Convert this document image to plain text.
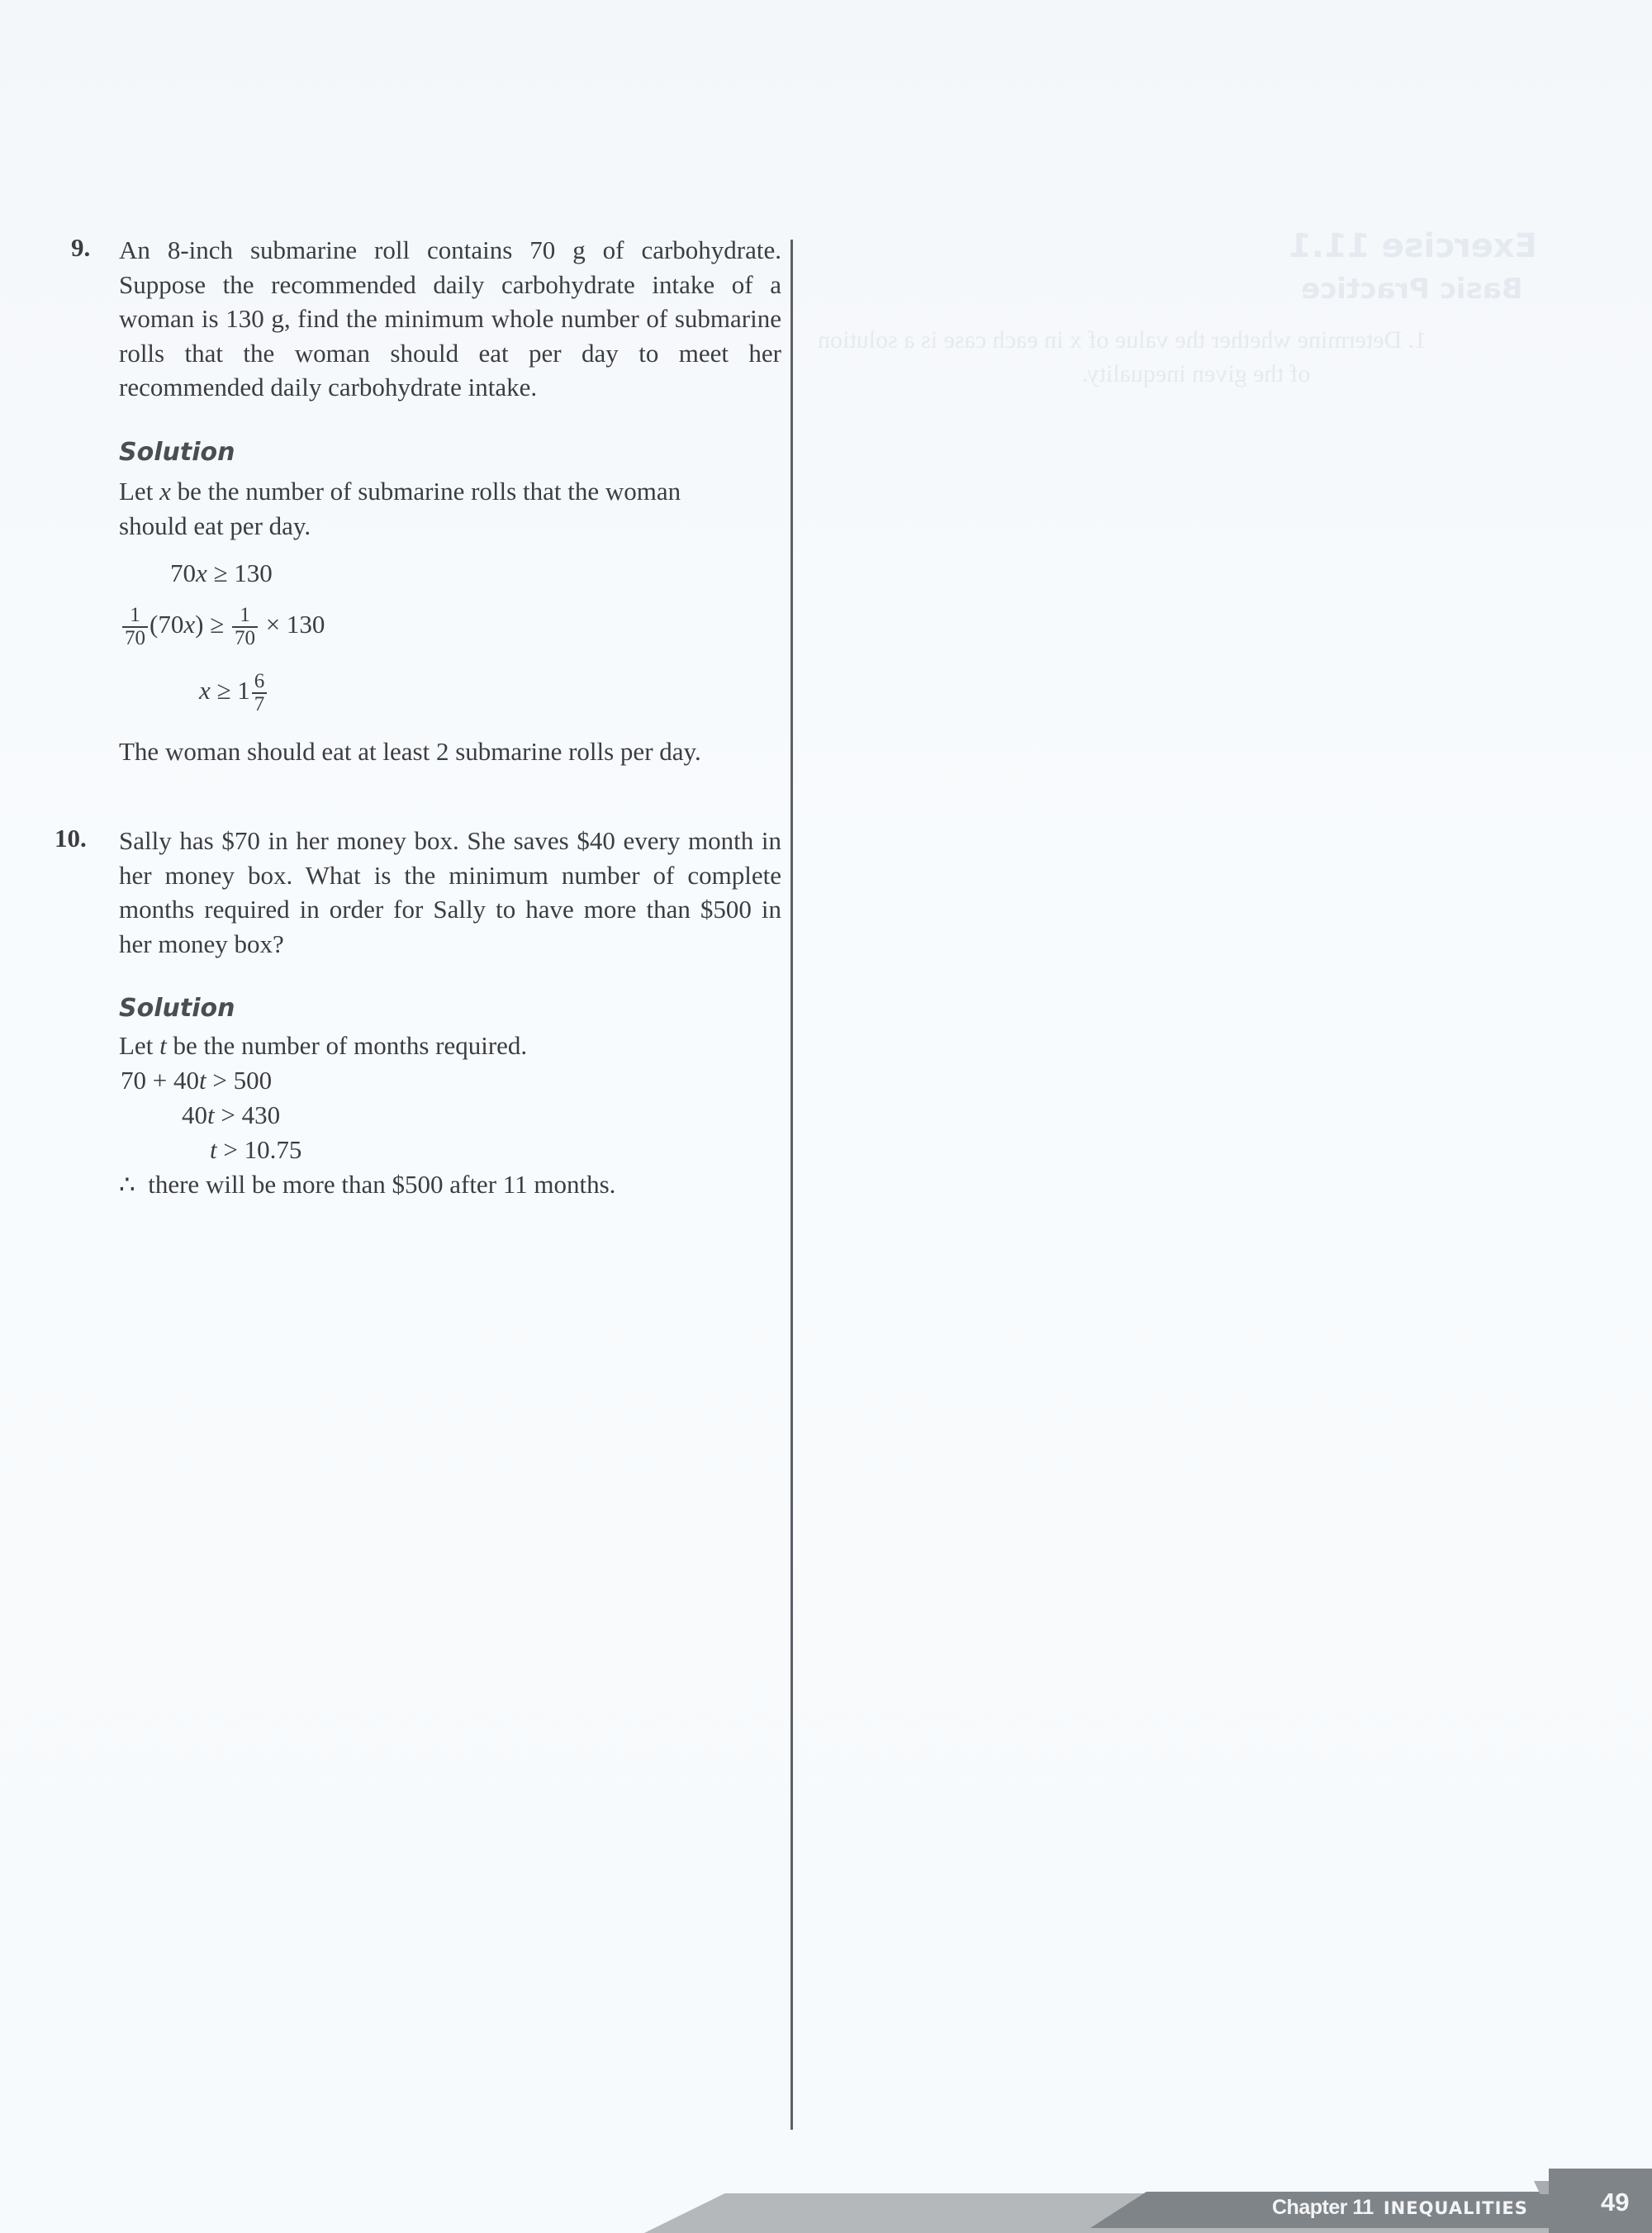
Exercise 11.1
Basic Practice
1. Determine whether the value of x in each case is a solution
of the given inequality.
9. An 8-inch submarine roll contains 70 g of carbohydrate. Suppose the recommended daily carbohydrate intake of a woman is 130 g, find the minimum whole number of submarine rolls that the woman should eat per day to meet her recommended daily carbohydrate intake.
Solution
Let x be the number of submarine rolls that the woman
should eat per day.
70x ≥ 130
$\frac{1}{70} (70x) \ge \frac{1}{70} \times 130$
$x \ge 1 \frac{6}{7}$
The woman should eat at least 2 submarine rolls per day.
10. Sally has $70 in her money box. She saves $40 every month in her money box. What is the minimum number of complete months required in order for Sally to have more than $500 in her money box?
Solution
Let t be the number of months required.
70 + 40t > 500
40t > 430
t > 10.75
∴ there will be more than $500 after 11 months.
Chapter 11 INEQUALITIES	49
